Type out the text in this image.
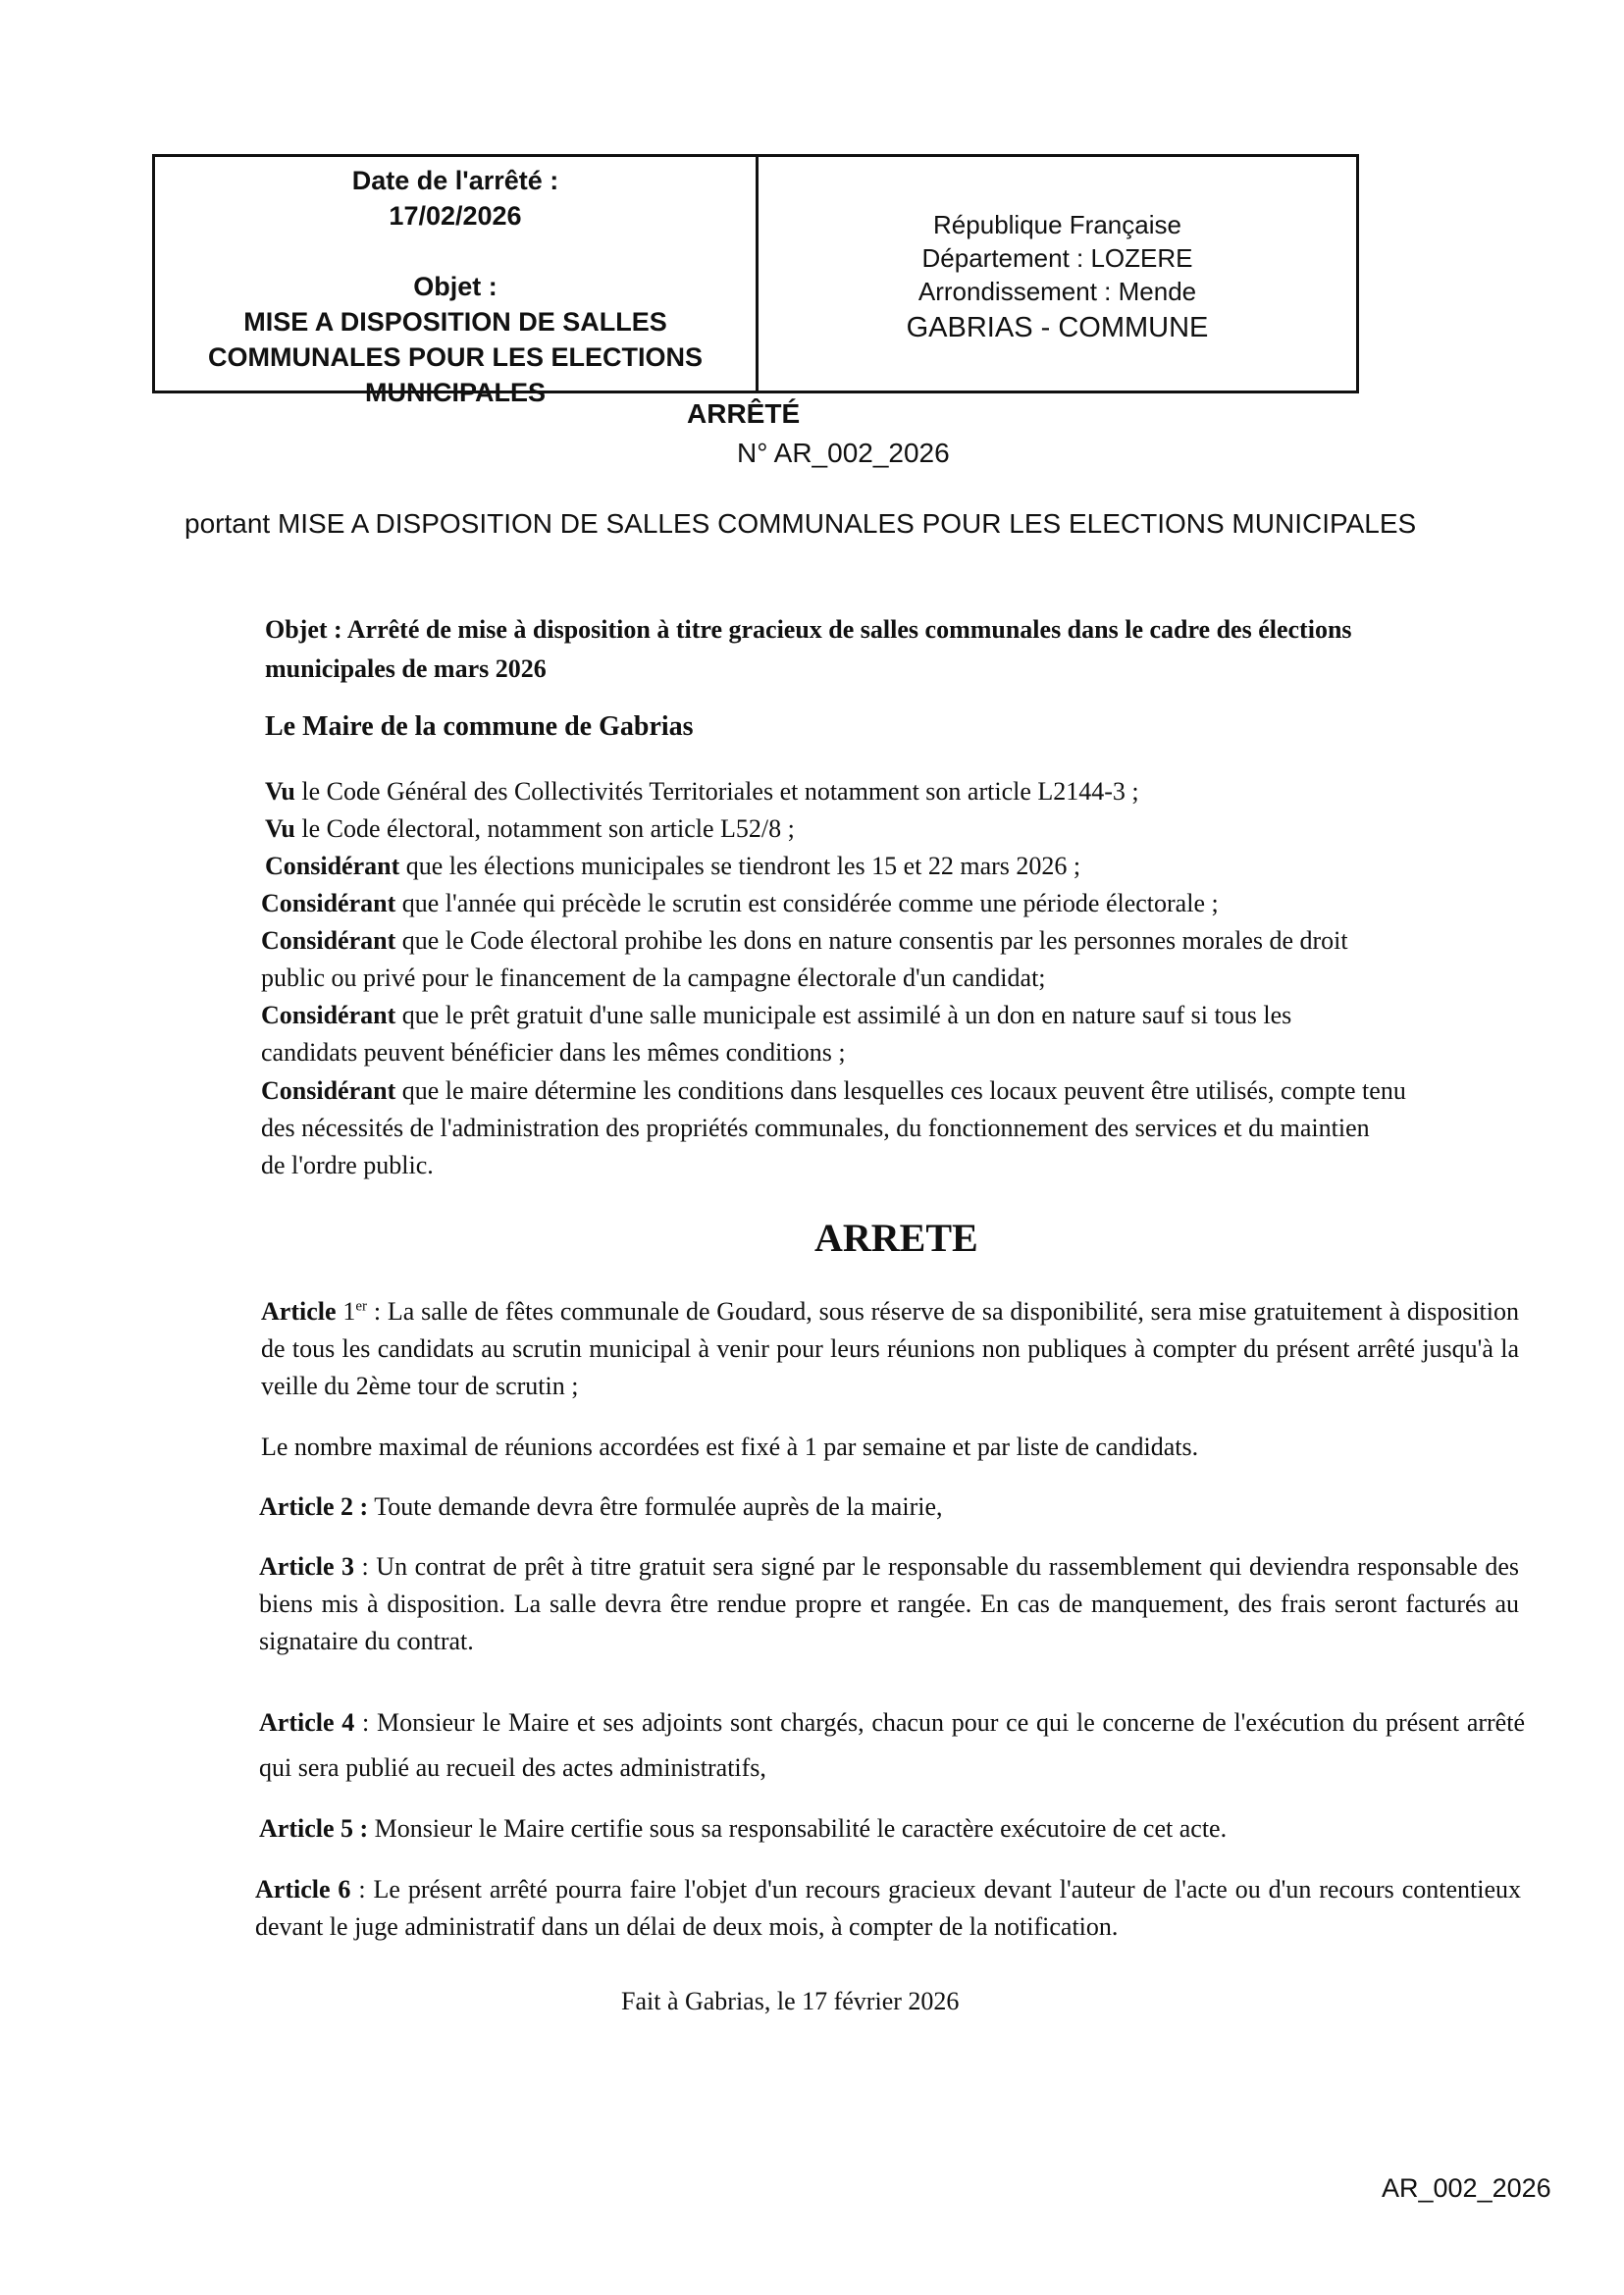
Date de l'arrêté :
17/02/2026
Objet :
MISE A DISPOSITION DE SALLES
COMMUNALES POUR LES ELECTIONS
MUNICIPALES
République Française
Département : LOZERE
Arrondissement : Mende
GABRIAS - COMMUNE
ARRÊTÉ
N° AR_002_2026
portant MISE A DISPOSITION DE SALLES COMMUNALES POUR LES ELECTIONS MUNICIPALES
Objet : Arrêté de mise à disposition à titre gracieux de salles communales dans le cadre des élections
municipales de mars 2026
Le Maire de la commune de Gabrias
Vu le Code Général des Collectivités Territoriales et notamment son article L2144-3 ;
Vu le Code électoral, notamment son article L52/8 ;
Considérant que les élections municipales se tiendront les 15 et 22 mars 2026 ;
Considérant que l'année qui précède le scrutin est considérée comme une période électorale ;
Considérant que le Code électoral prohibe les dons en nature consentis par les personnes morales de droit
public ou privé pour le financement de la campagne électorale d'un candidat;
Considérant que le prêt gratuit d'une salle municipale est assimilé à un don en nature sauf si tous les
candidats peuvent bénéficier dans les mêmes conditions ;
Considérant que le maire détermine les conditions dans lesquelles ces locaux peuvent être utilisés, compte tenu
des nécessités de l'administration des propriétés communales, du fonctionnement des services et du maintien
de l'ordre public.
ARRETE
Article 1er : La salle de fêtes communale de Goudard, sous réserve de sa disponibilité, sera mise gratuitement à disposition de tous les candidats au scrutin municipal à venir pour leurs réunions non publiques à compter du présent arrêté jusqu'à la veille du 2ème tour de scrutin ;
Le nombre maximal de réunions accordées est fixé à 1 par semaine et par liste de candidats.
Article 2 : Toute demande devra être formulée auprès de la mairie,
Article 3 : Un contrat de prêt à titre gratuit sera signé par le responsable du rassemblement qui deviendra responsable des biens mis à disposition. La salle devra être rendue propre et rangée. En cas de manquement, des frais seront facturés au signataire du contrat.
Article 4 : Monsieur le Maire et ses adjoints sont chargés, chacun pour ce qui le concerne de l'exécution du présent arrêté qui sera publié au recueil des actes administratifs,
Article 5 : Monsieur le Maire certifie sous sa responsabilité le caractère exécutoire de cet acte.
Article 6 : Le présent arrêté pourra faire l'objet d'un recours gracieux devant l'auteur de l'acte ou d'un recours contentieux devant le juge administratif dans un délai de deux mois, à compter de la notification.
Fait à Gabrias, le 17 février 2026
AR_002_2026
